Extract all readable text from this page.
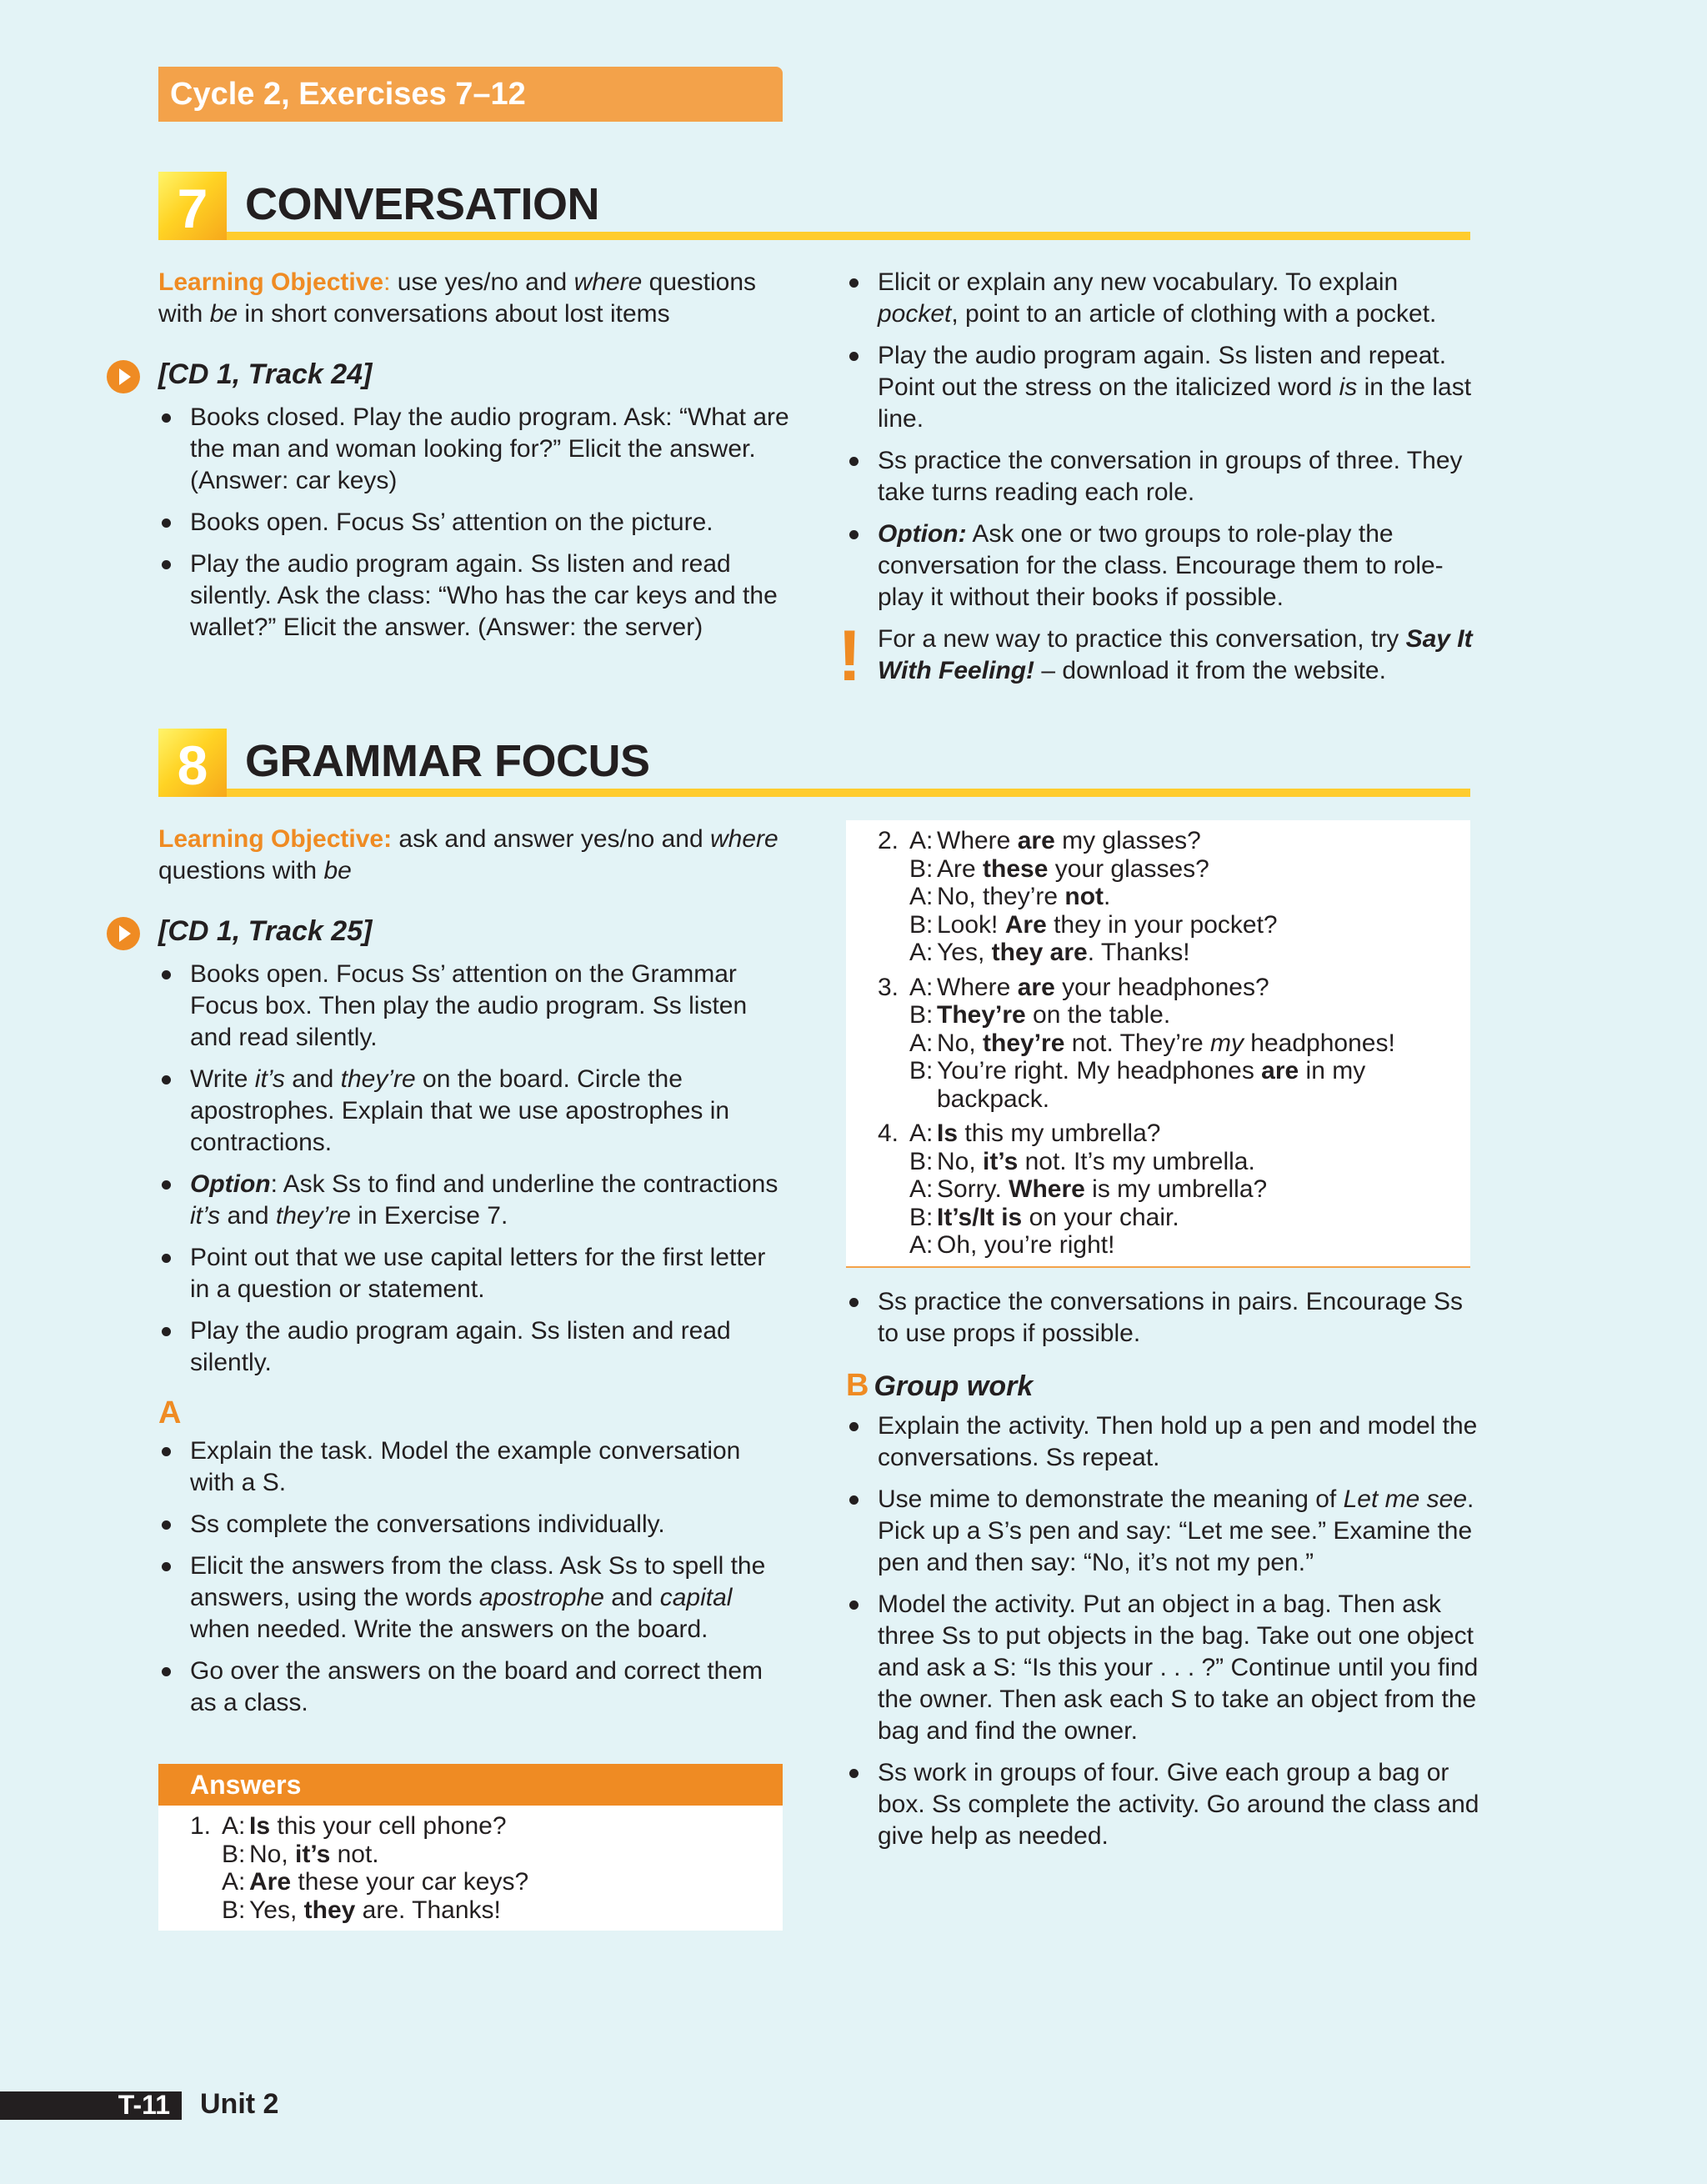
Cycle 2, Exercises 7–12
7 CONVERSATION

Learning Objective: use yes/no and where questions with be in short conversations about lost items

[CD 1, Track 24]

Books closed. Play the audio program. Ask: “What are the man and woman looking for?” Elicit the answer. (Answer: car keys)
Books open. Focus Ss’ attention on the picture.
Play the audio program again. Ss listen and read silently. Ask the class: “Who has the car keys and the wallet?” Elicit the answer. (Answer: the server)
Elicit or explain any new vocabulary. To explain pocket, point to an article of clothing with a pocket.
Play the audio program again. Ss listen and repeat. Point out the stress on the italicized word is in the last line.
Ss practice the conversation in groups of three. They take turns reading each role.
Option: Ask one or two groups to role-play the conversation for the class. Encourage them to role-play it without their books if possible.
! For a new way to practice this conversation, try Say It With Feeling! – download it from the website.
8 GRAMMAR FOCUS

Learning Objective: ask and answer yes/no and where questions with be

[CD 1, Track 25]

Books open. Focus Ss’ attention on the Grammar Focus box. Then play the audio program. Ss listen and read silently.
Write it’s and they’re on the board. Circle the apostrophes. Explain that we use apostrophes in contractions.
Option: Ask Ss to find and underline the contractions it’s and they’re in Exercise 7.
Point out that we use capital letters for the first letter in a question or statement.
Play the audio program again. Ss listen and read silently.
A
Explain the task. Model the example conversation with a S.
Ss complete the conversations individually.
Elicit the answers from the class. Ask Ss to spell the answers, using the words apostrophe and capital when needed. Write the answers on the board.
Go over the answers on the board and correct them as a class.
Answers
1. A: Is this your cell phone?
B: No, it’s not.
A: Are these your car keys?
B: Yes, they are. Thanks!
2. A: Where are my glasses?
B: Are these your glasses?
A: No, they’re not.
B: Look! Are they in your pocket?
A: Yes, they are. Thanks!
3. A: Where are your headphones?
B: They’re on the table.
A: No, they’re not. They’re my headphones!
B: You’re right. My headphones are in my backpack.
4. A: Is this my umbrella?
B: No, it’s not. It’s my umbrella.
A: Sorry. Where is my umbrella?
B: It’s/It is on your chair.
A: Oh, you’re right!
Ss practice the conversations in pairs. Encourage Ss to use props if possible.
B Group work
Explain the activity. Then hold up a pen and model the conversations. Ss repeat.
Use mime to demonstrate the meaning of Let me see. Pick up a S’s pen and say: “Let me see.” Examine the pen and then say: “No, it’s not my pen.”
Model the activity. Put an object in a bag. Then ask three Ss to put objects in the bag. Take out one object and ask a S: “Is this your . . . ?” Continue until you find the owner. Then ask each S to take an object from the bag and find the owner.
Ss work in groups of four. Give each group a bag or box. Ss complete the activity. Go around the class and give help as needed.
T-11 Unit 2
